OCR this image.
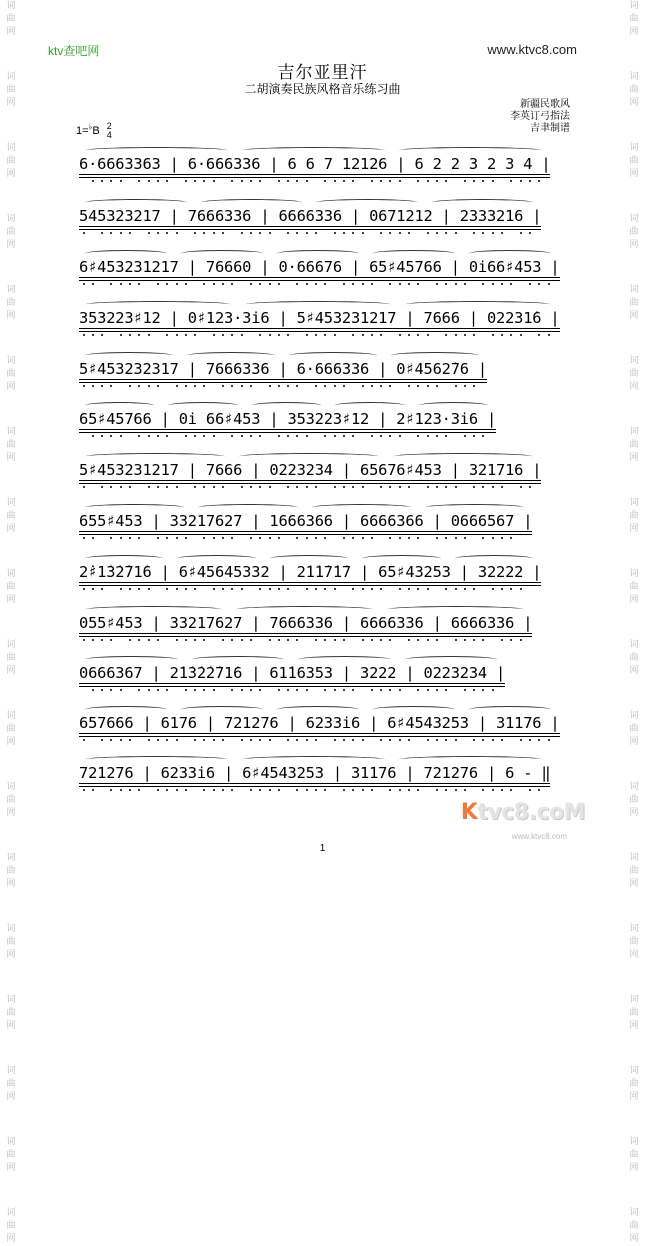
词
曲
网
词
曲
网
词
曲
网
词
曲
网
词
曲
网
词
曲
网
词
曲
网
词
曲
网
词
曲
网
词
曲
网
词
曲
网
词
曲
网
词
曲
网
词
曲
网
词
曲
网
词
曲
网
词
曲
网
词
曲
网
词
曲
网
词
曲
网
词
曲
网
词
曲
网
词
曲
网
词
曲
网
词
曲
网
词
曲
网
词
曲
网
词
曲
网
词
曲
网
词
曲
网
词
曲
网
词
曲
网
词
曲
网
词
曲
网
词
曲
网
词
曲
网
ktv查吧网	www.ktvc8.com
吉尔亚里汗
二胡演奏民族风格音乐练习曲
新疆民歌风
李英订弓指法
吉聿制谱
1=♭B 2
4
6·6663363 | 6·666336 | 6 6 7 12126 | 6 2 2 3 2 3 4 |
545323217 | 7666336 | 6666336 | 0671212 | 2333216 |
6♯453231217 | 76660 | 0·66676 | 65♯45766 | 0i66♯453 |
353223♯12 | 0♯123·3i6 | 5♯453231217 | 7666 | 02231̇6 |
5♯453232317 | 7666336 | 6·666336 | 0♯4562̇76 |
65♯45766 | 0i 66♯453 | 353223♯12 | 2♯123·3i6 |
5♯453231217 | 7666 | 0223234 | 65676♯453 | 321716 |
655♯453 | 33217627 | 1666366 | 6666366 | 0666567 |
2̇♯1̇3̇2̇71̇6 | 6♯45645332 | 2̇1̇1̇7̇1̇7 | 65♯43253 | 32222 |
055♯453 | 33217627 | 7666336 | 6666336 | 6666336 |
0666367 | 2̇1̇3̇2̇2̇71̇6 | 61̇16353 | 3222 | 0223234 |
657666 | 6176 | 721276 | 6233i6 | 6♯4543253 | 31176 |
721276 | 6233i6 | 6♯4543253 | 31176 | 721276 | 6 - ‖
Ktvc8.coM
www.ktvc8.com
1
